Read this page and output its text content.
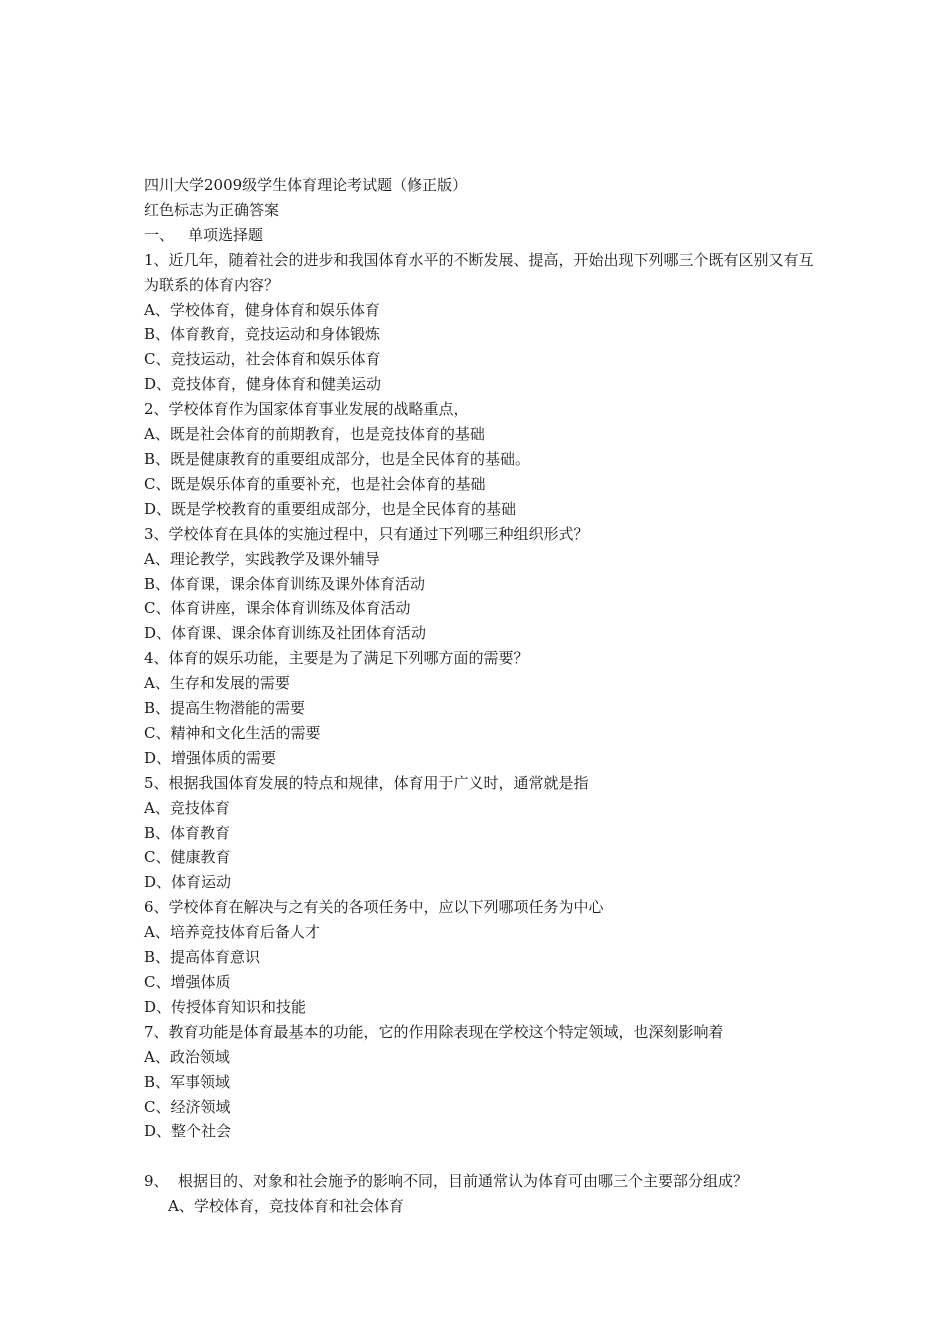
四川大学2009级学生体育理论考试题（修正版）
红色标志为正确答案
一、 单项选择题
1、近几年，随着社会的进步和我国体育水平的不断发展、提高，开始出现下列哪三个既有区别又有互为联系的体育内容？
A、学校体育，健身体育和娱乐体育
B、体育教育，竞技运动和身体锻炼
C、竞技运动，社会体育和娱乐体育
D、竞技体育，健身体育和健美运动
2、学校体育作为国家体育事业发展的战略重点，
A、既是社会体育的前期教育，也是竞技体育的基础
B、既是健康教育的重要组成部分，也是全民体育的基础。
C、既是娱乐体育的重要补充，也是社会体育的基础
D、既是学校教育的重要组成部分，也是全民体育的基础
3、学校体育在具体的实施过程中，只有通过下列哪三种组织形式？
A、理论教学，实践教学及课外辅导
B、体育课，课余体育训练及课外体育活动
C、体育讲座，课余体育训练及体育活动
D、体育课、课余体育训练及社团体育活动
4、体育的娱乐功能，主要是为了满足下列哪方面的需要？
A、生存和发展的需要
B、提高生物潜能的需要
C、精神和文化生活的需要
D、增强体质的需要
5、根据我国体育发展的特点和规律，体育用于广义时，通常就是指
A、竞技体育
B、体育教育
C、健康教育
D、体育运动
6、学校体育在解决与之有关的各项任务中，应以下列哪项任务为中心
A、培养竞技体育后备人才
B、提高体育意识
C、增强体质
D、传授体育知识和技能
7、教育功能是体育最基本的功能，它的作用除表现在学校这个特定领域，也深刻影响着
A、政治领域
B、军事领域
C、经济领域
D、整个社会
9、 根据目的、对象和社会施予的影响不同，目前通常认为体育可由哪三个主要部分组成？
A、学校体育，竞技体育和社会体育
